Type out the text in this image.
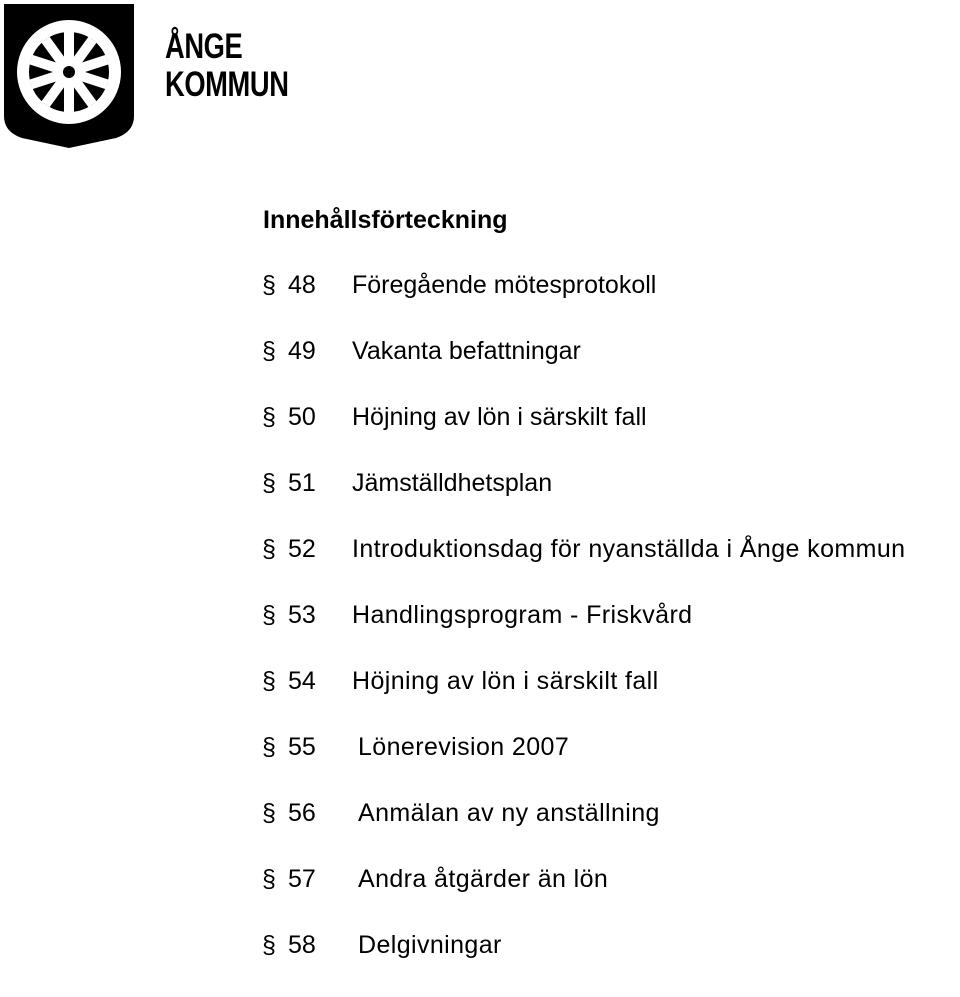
ÅNGE
KOMMUN
Innehållsförteckning
§ 48 Föregående mötesprotokoll
§ 49 Vakanta befattningar
§ 50 Höjning av lön i särskilt fall
§ 51 Jämställdhetsplan
§ 52 Introduktionsdag för nyanställda i Ånge kommun
§ 53 Handlingsprogram - Friskvård
§ 54 Höjning av lön i särskilt fall
§ 55 Lönerevision 2007
§ 56 Anmälan av ny anställning
§ 57 Andra åtgärder än lön
§ 58 Delgivningar
